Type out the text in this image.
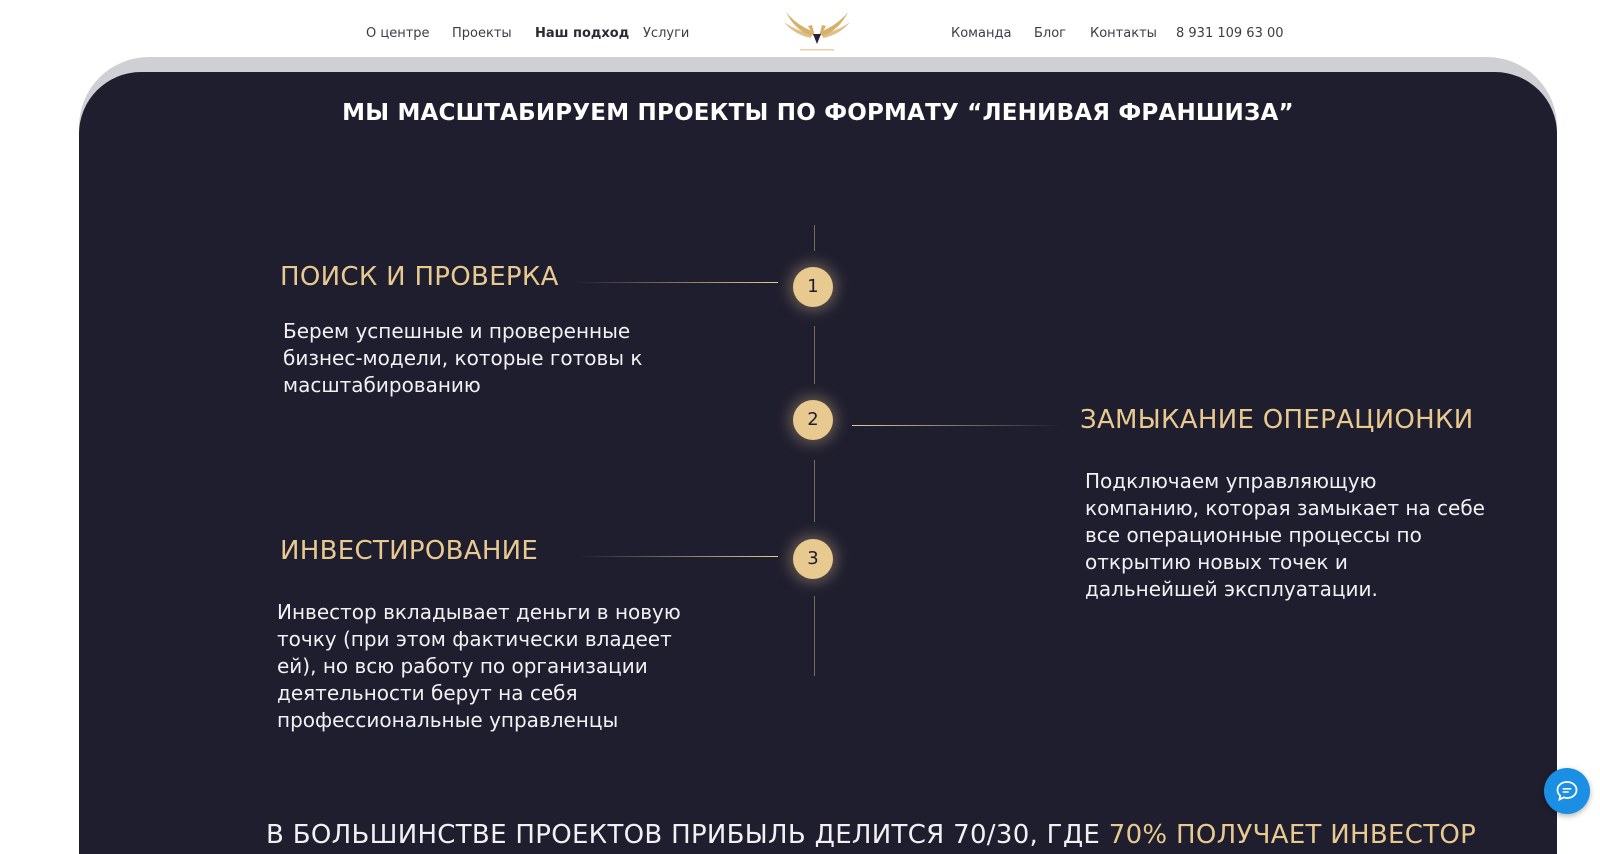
О центре Проекты Наш подход Услуги	Команда Блог Контакты 8 931 109 63 00
МЫ МАСШТАБИРУЕМ ПРОЕКТЫ ПО ФОРМАТУ “ЛЕНИВАЯ ФРАНШИЗА”
ПОИСК И ПРОВЕРКА	1
Берем успешные и проверенные бизнес-модели, которые готовы к масштабированию
2	ЗАМЫКАНИЕ ОПЕРАЦИОНКИ
Подключаем управляющую компанию, которая замыкает на себе все операционные процессы по открытию новых точек и дальнейшей эксплуатации.
ИНВЕСТИРОВАНИЕ	3
Инвестор вкладывает деньги в новую точку (при этом фактически владеет ей), но всю работу по организации деятельности берут на себя профессиональные управленцы
В БОЛЬШИНСТВЕ ПРОЕКТОВ ПРИБЫЛЬ ДЕЛИТСЯ 70/30, ГДЕ 70% ПОЛУЧАЕТ ИНВЕСТОР
